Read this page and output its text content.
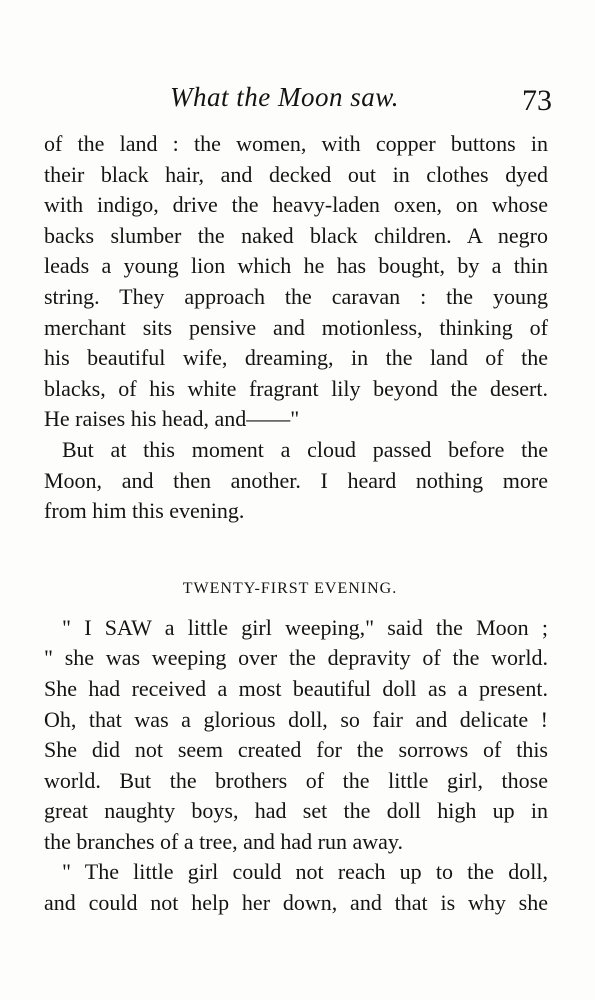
What the Moon saw.	73
of the land : the women, with copper buttons in
their black hair, and decked out in clothes dyed
with indigo, drive the heavy-laden oxen, on whose
backs slumber the naked black children. A negro
leads a young lion which he has bought, by a thin
string. They approach the caravan : the young
merchant sits pensive and motionless, thinking of
his beautiful wife, dreaming, in the land of the
blacks, of his white fragrant lily beyond the desert.
He raises his head, and——"
But at this moment a cloud passed before the
Moon, and then another. I heard nothing more
from him this evening.
TWENTY-FIRST EVENING.
" I SAW a little girl weeping," said the Moon ;
" she was weeping over the depravity of the world.
She had received a most beautiful doll as a present.
Oh, that was a glorious doll, so fair and delicate !
She did not seem created for the sorrows of this
world. But the brothers of the little girl, those
great naughty boys, had set the doll high up in
the branches of a tree, and had run away.
" The little girl could not reach up to the doll,
and could not help her down, and that is why she
